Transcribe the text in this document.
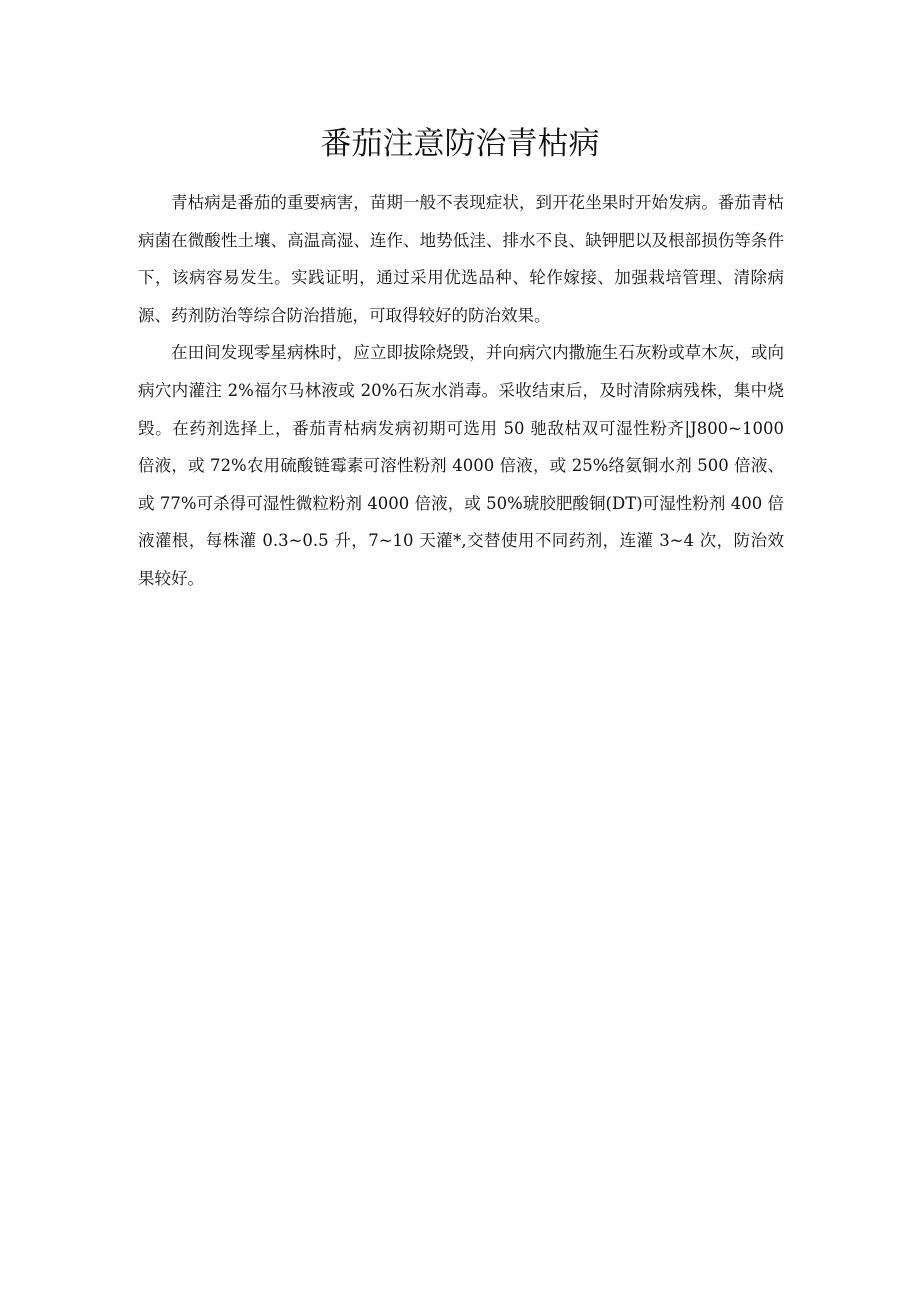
番茄注意防治青枯病

青枯病是番茄的重要病害，苗期一般不表现症状，到开花坐果时开始发病。番茄青枯病菌在微酸性土壤、高温高湿、连作、地势低洼、排水不良、缺钾肥以及根部损伤等条件下，该病容易发生。实践证明，通过采用优选品种、轮作嫁接、加强栽培管理、清除病源、药剂防治等综合防治措施，可取得较好的防治效果。

在田间发现零星病株时，应立即拔除烧毁，并向病穴内撒施生石灰粉或草木灰，或向病穴内灌注 2%福尔马林液或 20%石灰水消毒。采收结束后，及时清除病残株，集中烧毁。在药剂选择上，番茄青枯病发病初期可选用 50 驰敌枯双可湿性粉齐|J800~1000 倍液，或 72%农用硫酸链霉素可溶性粉剂 4000 倍液，或 25%络氨铜水剂 500 倍液、或 77%可杀得可湿性微粒粉剂 4000 倍液，或 50%琥胶肥酸铜(DT)可湿性粉剂 400 倍液灌根，每株灌 0.3~0.5 升，7~10 天灌*,交替使用不同药剂，连灌 3~4 次，防治效果较好。
